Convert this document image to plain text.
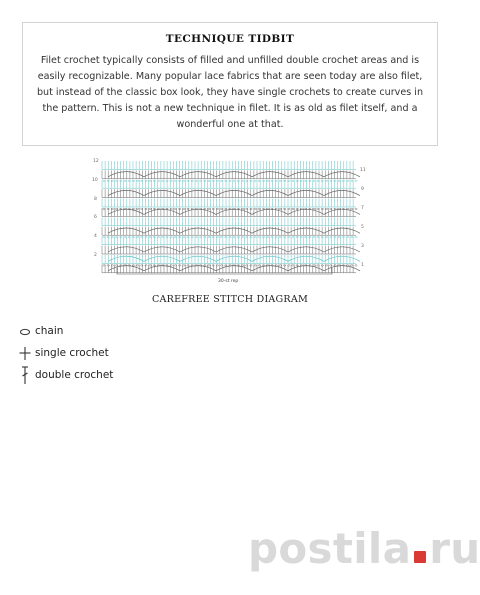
TECHNIQUE TIDBIT

Filet crochet typically consists of filled and unfilled double crochet areas and is easily recognizable. Many popular lace fabrics that are seen today are also filet, but instead of the classic box look, they have single crochets to create curves in the pattern. This is not a new technique in filet. It is as old as filet itself, and a wonderful one at that.

12
10
8
6
4
2
11
9
7
5
3
1
30-st rep
CAREFREE STITCH DIAGRAM
chain
single crochet
double crochet
postila ru
